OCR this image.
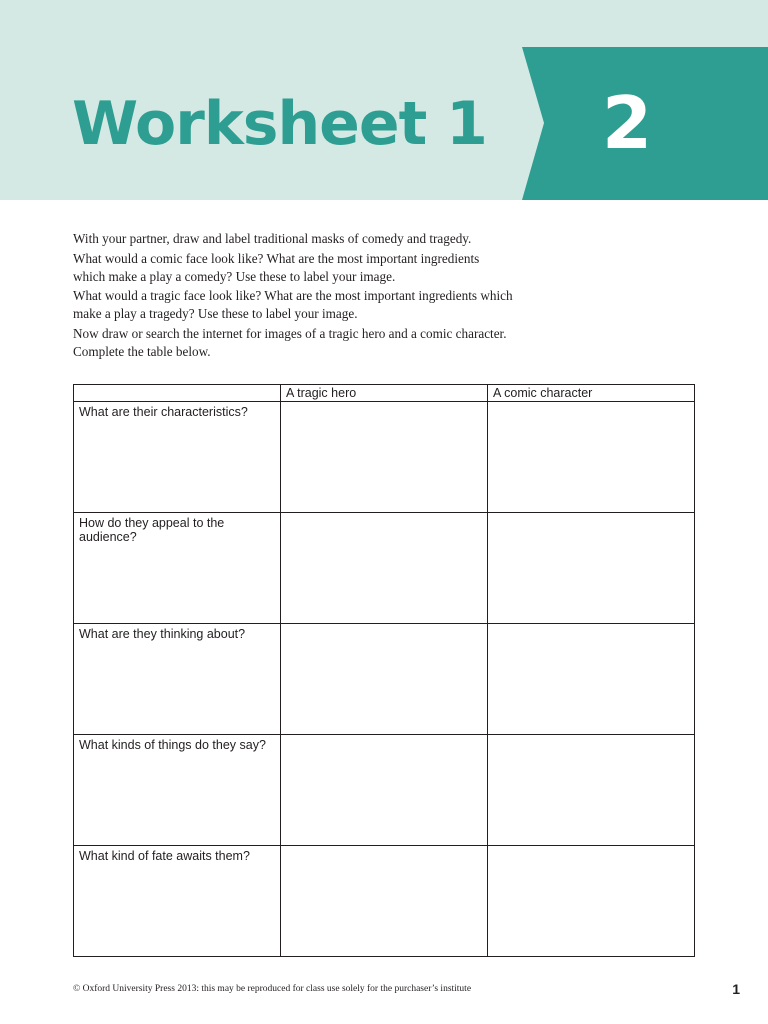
Worksheet 1	2

With your partner, draw and label traditional masks of comedy and tragedy.

What would a comic face look like? What are the most important ingredients which make a play a comedy? Use these to label your image.

What would a tragic face look like? What are the most important ingredients which make a play a tragedy? Use these to label your image.

Now draw or search the internet for images of a tragic hero and a comic character. Complete the table below.

	A tragic hero	A comic character
What are their characteristics?		
How do they appeal to the audience?		
What are they thinking about?		
What kinds of things do they say?		
What kind of fate awaits them?		
© Oxford University Press 2013: this may be reproduced for class use solely for the purchaser’s institute	1
